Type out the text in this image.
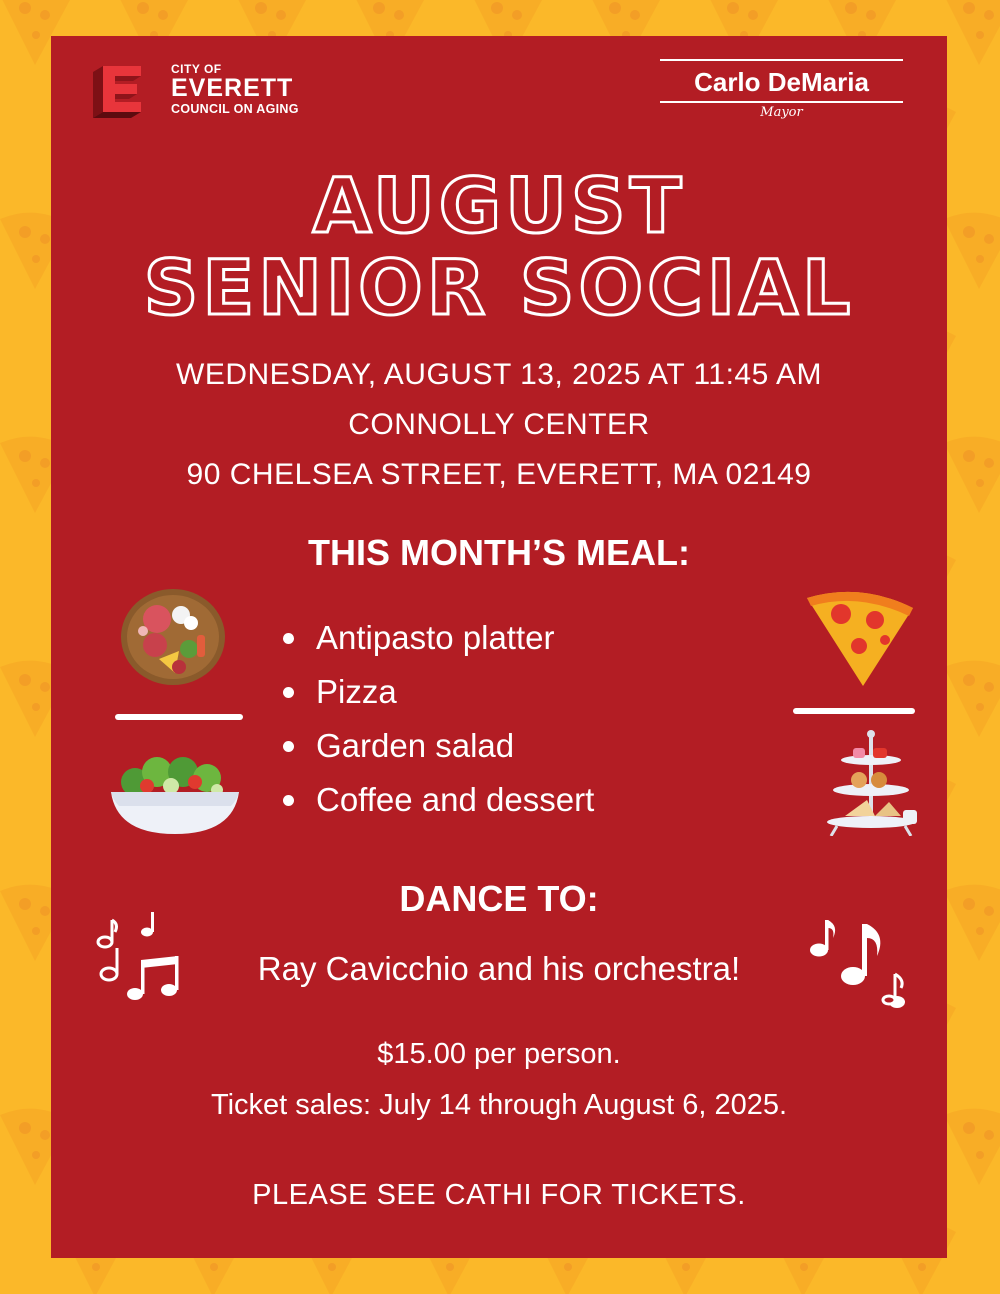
CITY OF
EVERETT
COUNCIL ON AGING
Carlo DeMaria
Mayor
AUGUST
SENIOR SOCIAL
WEDNESDAY, AUGUST 13, 2025 AT 11:45 AM
CONNOLLY CENTER
90 CHELSEA STREET, EVERETT, MA 02149
THIS MONTH’S MEAL:
Antipasto platter
Pizza
Garden salad
Coffee and dessert
DANCE TO:
Ray Cavicchio and his orchestra!
$15.00 per person.
Ticket sales: July 14 through August 6, 2025.
PLEASE SEE CATHI FOR TICKETS.
